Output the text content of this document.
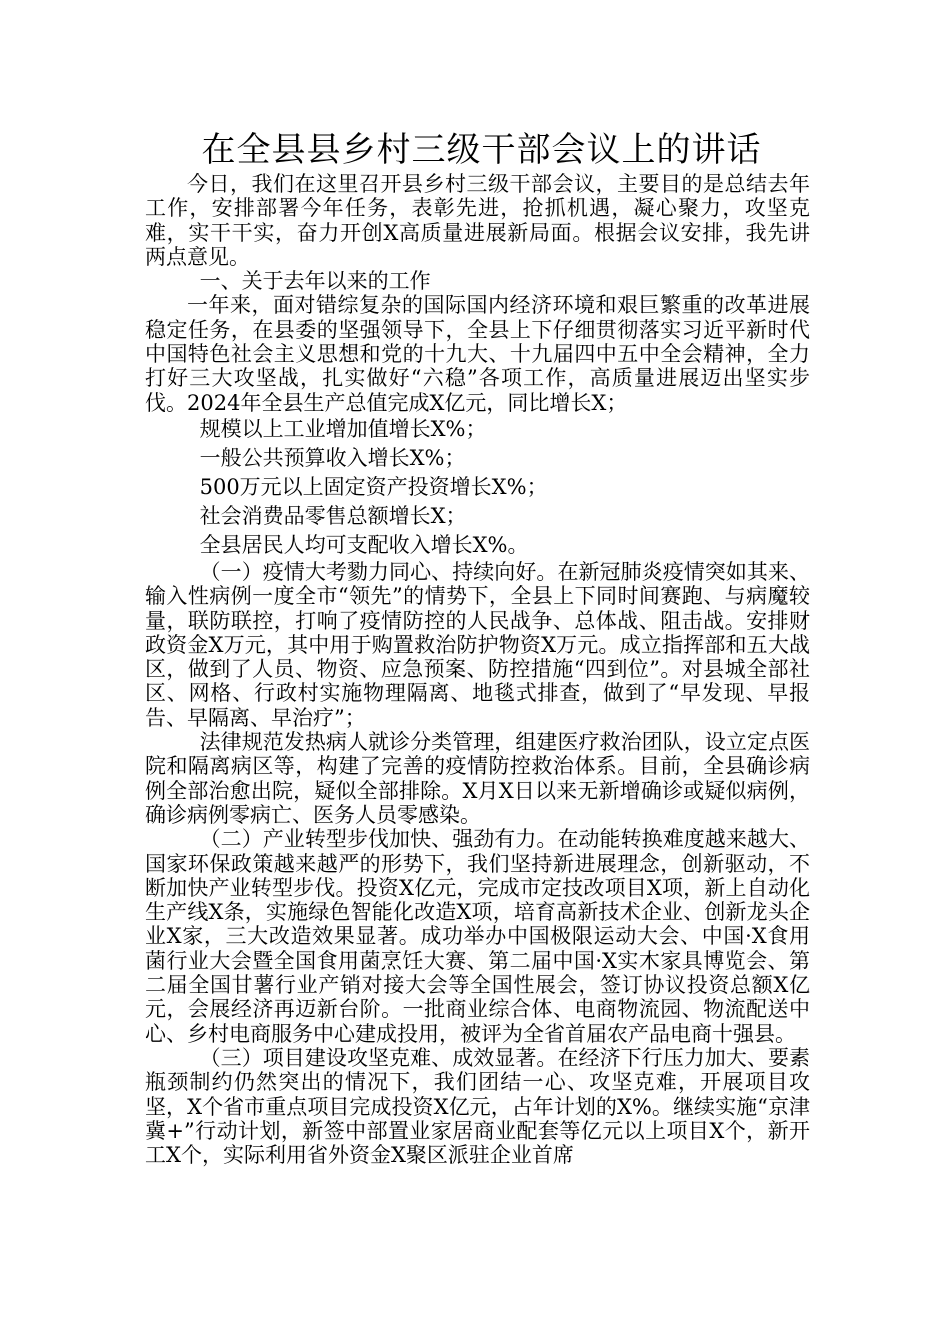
在全县县乡村三级干部会议上的讲话

今日，我们在这里召开县乡村三级干部会议，主要目的是总结去年工作，安排部署今年任务，表彰先进，抢抓机遇，凝心聚力，攻坚克难，实干干实，奋力开创X高质量进展新局面。根据会议安排，我先讲两点意见。

一、关于去年以来的工作

一年来，面对错综复杂的国际国内经济环境和艰巨繁重的改革进展稳定任务，在县委的坚强领导下，全县上下仔细贯彻落实习近平新时代中国特色社会主义思想和党的十九大、十九届四中五中全会精神，全力打好三大攻坚战，扎实做好“六稳”各项工作，高质量进展迈出坚实步伐。2024年全县生产总值完成X亿元，同比增长X；

规模以上工业增加值增长X%；

一般公共预算收入增长X%；

500万元以上固定资产投资增长X%；

社会消费品零售总额增长X；

全县居民人均可支配收入增长X%。

（一）疫情大考勠力同心、持续向好。在新冠肺炎疫情突如其来、输入性病例一度全市“领先”的情势下，全县上下同时间赛跑、与病魔较量，联防联控，打响了疫情防控的人民战争、总体战、阻击战。安排财政资金X万元，其中用于购置救治防护物资X万元。成立指挥部和五大战区，做到了人员、物资、应急预案、防控措施“四到位”。对县城全部社区、网格、行政村实施物理隔离、地毯式排查，做到了“早发现、早报告、早隔离、早治疗”；

法律规范发热病人就诊分类管理，组建医疗救治团队，设立定点医院和隔离病区等，构建了完善的疫情防控救治体系。目前，全县确诊病例全部治愈出院，疑似全部排除。X月X日以来无新增确诊或疑似病例，确诊病例零病亡、医务人员零感染。

（二）产业转型步伐加快、强劲有力。在动能转换难度越来越大、国家环保政策越来越严的形势下，我们坚持新进展理念，创新驱动，不断加快产业转型步伐。投资X亿元，完成市定技改项目X项，新上自动化生产线X条，实施绿色智能化改造X项，培育高新技术企业、创新龙头企业X家，三大改造效果显著。成功举办中国极限运动大会、中国·X食用菌行业大会暨全国食用菌烹饪大赛、第二届中国·X实木家具博览会、第二届全国甘薯行业产销对接大会等全国性展会，签订协议投资总额X亿元，会展经济再迈新台阶。一批商业综合体、电商物流园、物流配送中心、乡村电商服务中心建成投用，被评为全省首届农产品电商十强县。

（三）项目建设攻坚克难、成效显著。在经济下行压力加大、要素瓶颈制约仍然突出的情况下，我们团结一心、攻坚克难，开展项目攻坚，X个省市重点项目完成投资X亿元，占年计划的X%。继续实施“京津冀+”行动计划，新签中部置业家居商业配套等亿元以上项目X个，新开工X个，实际利用省外资金X聚区派驻企业首席
